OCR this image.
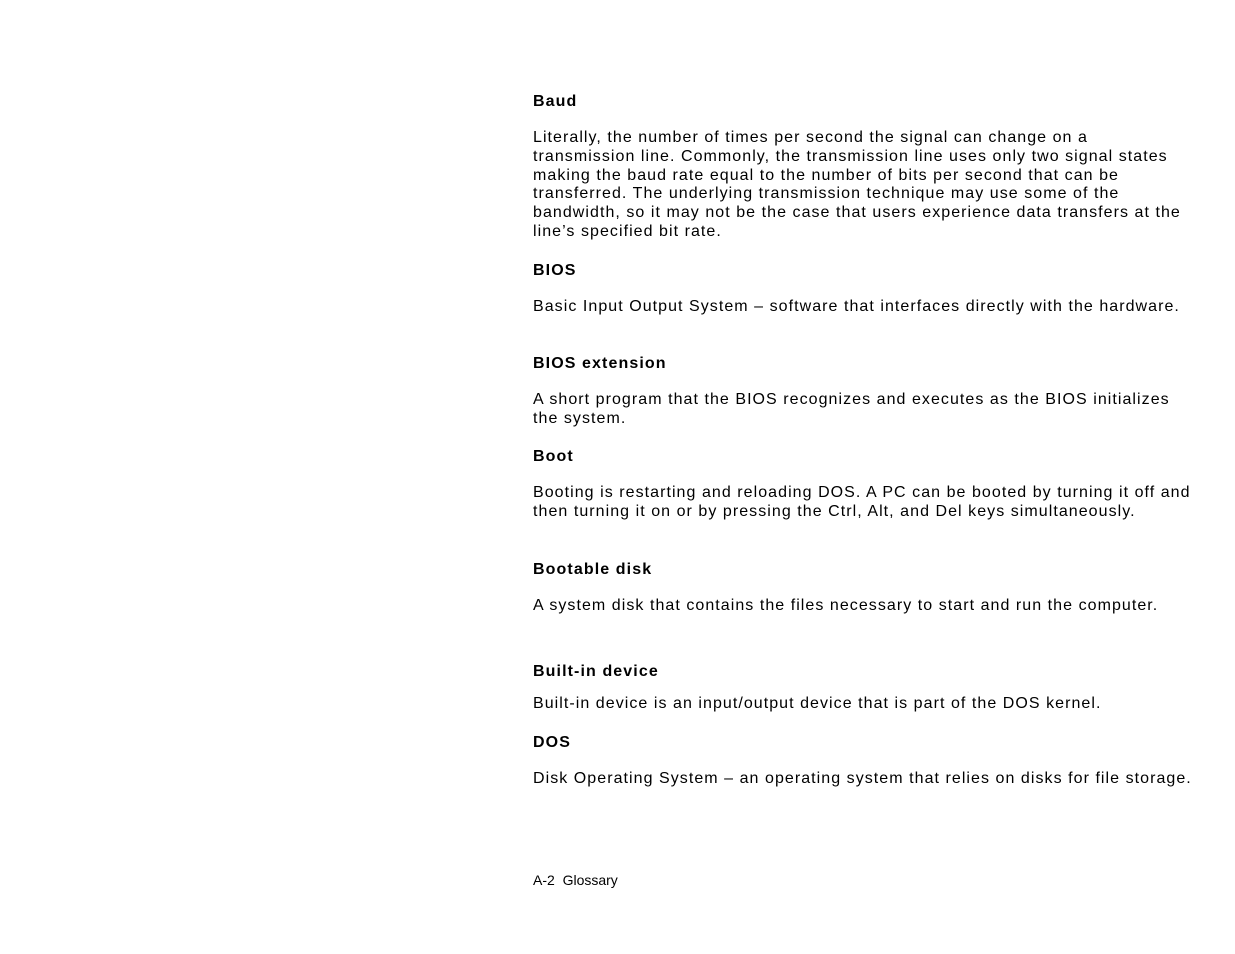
Baud

Literally, the number of times per second the signal can change on a transmission line. Commonly, the transmission line uses only two signal states making the baud rate equal to the number of bits per second that can be transferred. The underlying transmission technique may use some of the bandwidth, so it may not be the case that users experience data transfers at the line’s specified bit rate.

BIOS

Basic Input Output System – software that interfaces directly with the hardware.

BIOS extension

A short program that the BIOS recognizes and executes as the BIOS initializes the system.

Boot

Booting is restarting and reloading DOS. A PC can be booted by turning it off and then turning it on or by pressing the Ctrl, Alt, and Del keys simultaneously.

Bootable disk

A system disk that contains the files necessary to start and run the computer.

Built-in device

Built-in device is an input/output device that is part of the DOS kernel.

DOS

Disk Operating System – an operating system that relies on disks for file storage.

A-2  Glossary
